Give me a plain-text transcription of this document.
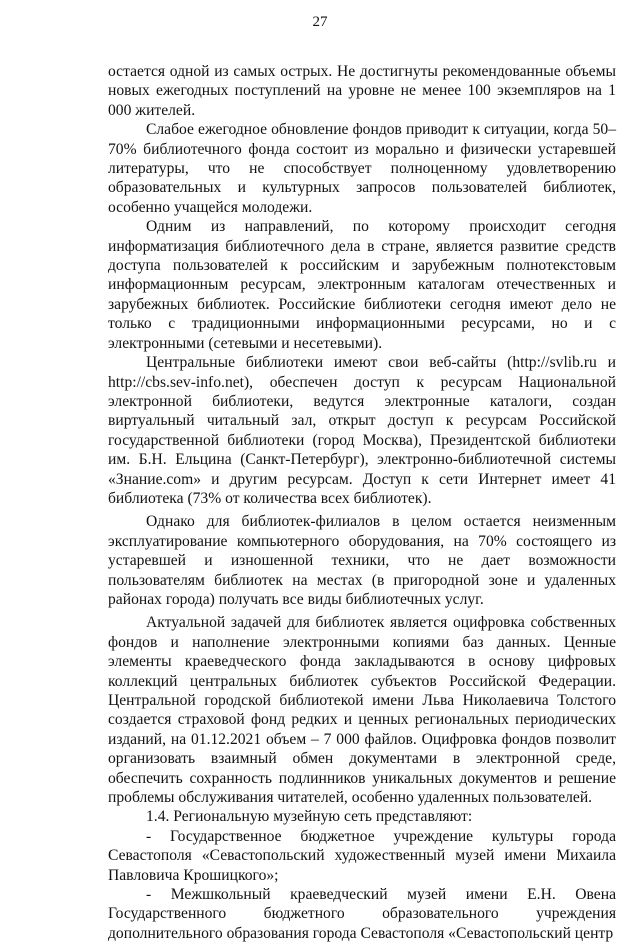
27

остается одной из самых острых. Не достигнуты рекомендованные объемы новых ежегодных поступлений на уровне не менее 100 экземпляров на 1 000 жителей.

Слабое ежегодное обновление фондов приводит к ситуации, когда 50–70% библиотечного фонда состоит из морально и физически устаревшей литературы, что не способствует полноценному удовлетворению образовательных и культурных запросов пользователей библиотек, особенно учащейся молодежи.

Одним из направлений, по которому происходит сегодня информатизация библиотечного дела в стране, является развитие средств доступа пользователей к российским и зарубежным полнотекстовым информационным ресурсам, электронным каталогам отечественных и зарубежных библиотек. Российские библиотеки сегодня имеют дело не только с традиционными информационными ресурсами, но и с электронными (сетевыми и несетевыми).

Центральные библиотеки имеют свои веб-сайты (http://svlib.ru и http://cbs.sev-info.net), обеспечен доступ к ресурсам Национальной электронной библиотеки, ведутся электронные каталоги, создан виртуальный читальный зал, открыт доступ к ресурсам Российской государственной библиотеки (город Москва), Президентской библиотеки им. Б.Н. Ельцина (Санкт-Петербург), электронно-библиотечной системы «Знание.com» и другим ресурсам. Доступ к сети Интернет имеет 41 библиотека (73% от количества всех библиотек).

Однако для библиотек-филиалов в целом остается неизменным эксплуатирование компьютерного оборудования, на 70% состоящего из устаревшей и изношенной техники, что не дает возможности пользователям библиотек на местах (в пригородной зоне и удаленных районах города) получать все виды библиотечных услуг.

Актуальной задачей для библиотек является оцифровка собственных фондов и наполнение электронными копиями баз данных. Ценные элементы краеведческого фонда закладываются в основу цифровых коллекций центральных библиотек субъектов Российской Федерации. Центральной городской библиотекой имени Льва Николаевича Толстого создается страховой фонд редких и ценных региональных периодических изданий, на 01.12.2021 объем – 7 000 файлов. Оцифровка фондов позволит организовать взаимный обмен документами в электронной среде, обеспечить сохранность подлинников уникальных документов и решение проблемы обслуживания читателей, особенно удаленных пользователей.

1.4. Региональную музейную сеть представляют:

- Государственное бюджетное учреждение культуры города Севастополя «Севастопольский художественный музей имени Михаила Павловича Крошицкого»;

- Межшкольный краеведческий музей имени Е.Н. Овена Государственного бюджетного образовательного учреждения дополнительного образования города Севастополя «Севастопольский центр
